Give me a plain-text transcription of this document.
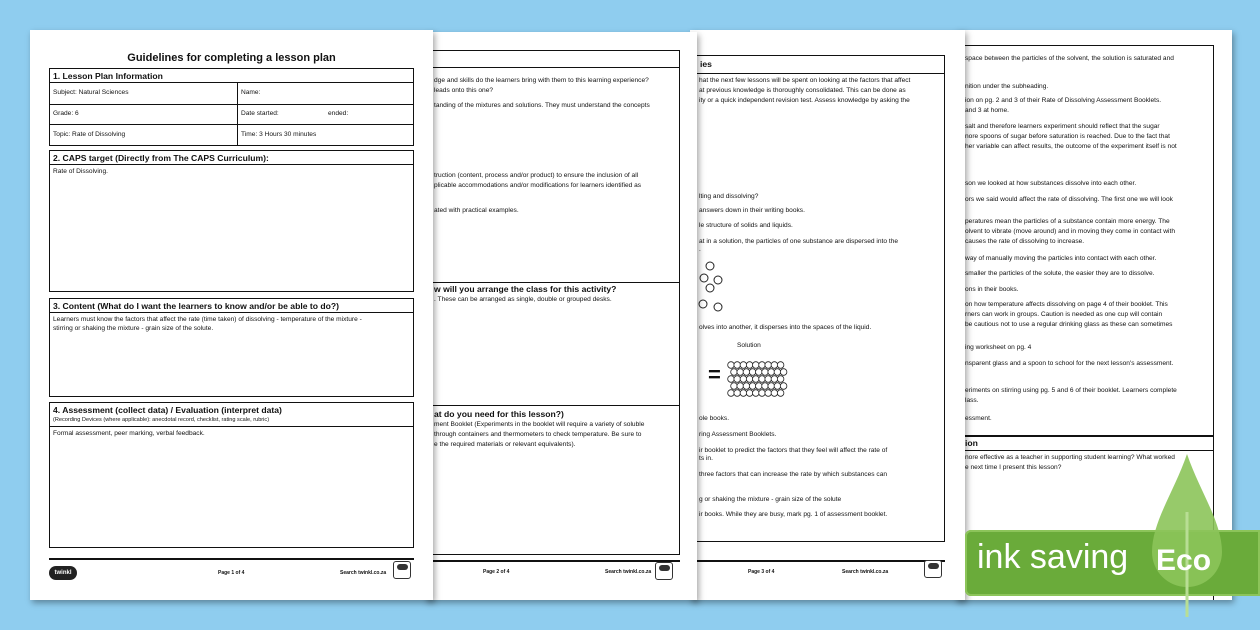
space between the particles of the solvent, the solution is saturated and
nition under the subheading.
ion on pg. 2 and 3 of their Rate of Dissolving Assessment Booklets.
and 3 at home.
salt and therefore learners experiment should reflect that the sugar
nore spoons of sugar before saturation is reached. Due to the fact that
her variable can affect results, the outcome of the experiment itself is not
son we looked at how substances dissolve into each other.
ors we said would affect the rate of dissolving. The first one we will look
peratures mean the particles of a substance contain more energy. The
olvent to vibrate (move around) and in moving they come in contact with
causes the rate of dissolving to increase.
way of manually moving the particles into contact with each other.
smaller the particles of the solute, the easier they are to dissolve.
ons in their books.
on how temperature affects dissolving on page 4 of their booklet. This
rners can work in groups. Caution is needed as one cup will contain
be cautious not to use a regular drinking glass as these can sometimes
ing worksheet on pg. 4
nsparent glass and a spoon to school for the next lesson's assessment.
eriments on stirring using pg. 5 and 6 of their booklet. Learners complete
lass.
essment.
ion
nore effective as a teacher in supporting student learning? What worked
e next time I present this lesson?
ies
hat the next few lessons will be spent on looking at the factors that affect
at previous knowledge is thoroughly consolidated. This can be done as
ity or a quick independent revision test. Assess knowledge by asking the
lting and dissolving?
answers down in their writing books.
le structure of solids and liquids.
at in a solution, the particles of one substance are dispersed into the
.
olves into another, it disperses into the spaces of the liquid.
ole books.
ring Assessment Booklets.
ir booklet to predict the factors that they feel will affect the rate of
ts in.
three factors that can increase the rate by which substances can
g or shaking the mixture - grain size of the solute
ir books. While they are busy, mark pg. 1 of assessment booklet.
Solution
=
Page 3 of 4	Search twinkl.co.za
dge and skills do the learners bring with them to this learning experience?
leads onto this one?
tanding of the mixtures and solutions. They must understand the concepts
truction (content, process and/or product) to ensure the inclusion of all
plicable accommodations and/or modifications for learners identified as
ated with practical examples.
w will you arrange the class for this activity?
. These can be arranged as single, double or grouped desks.
at do you need for this lesson?)
ment Booklet (Experiments in the booklet will require a variety of soluble
through containers and thermometers to check temperature. Be sure to
e the required materials or relevant equivalents).
Page 2 of 4	Search twinkl.co.za
Guidelines for completing a lesson plan
1. Lesson Plan Information
Subject: Natural Sciences	Name:
Grade: 6	Date started:	ended:
Topic: Rate of Dissolving	Time: 3 Hours 30 minutes
2. CAPS target (Directly from The CAPS Curriculum):
Rate of Dissolving.
3. Content (What do I want the learners to know and/or be able to do?)
Learners must know the factors that affect the rate (time taken) of dissolving - temperature of the mixture -
stirring or shaking the mixture - grain size of the solute.
4. Assessment (collect data) / Evaluation (interpret data)
(Recording Devices (where applicable): anecdotal record, checklist, rating scale, rubric)
Formal assessment, peer marking, verbal feedback.
twinkl	Page 1 of 4	Search twinkl.co.za	ink saving Eco
